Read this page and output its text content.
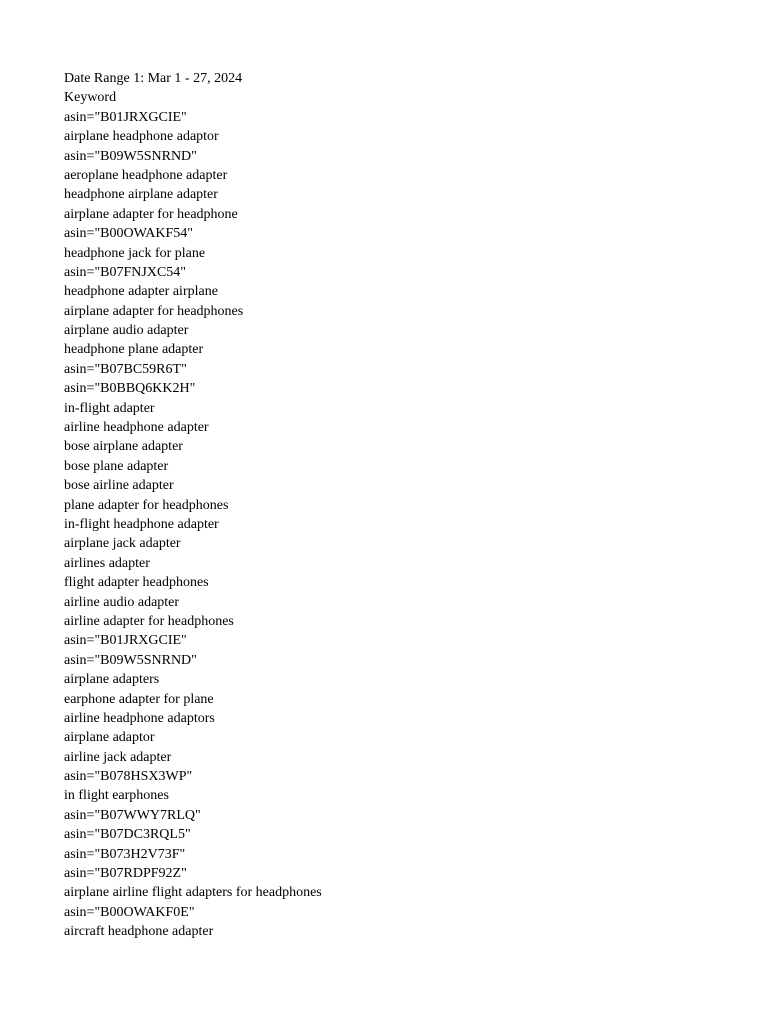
Date Range 1: Mar 1 - 27, 2024
Keyword
asin="B01JRXGCIE"
airplane headphone adaptor
asin="B09W5SNRND"
aeroplane headphone adapter
headphone airplane adapter
airplane adapter for headphone
asin="B00OWAKF54"
headphone jack for plane
asin="B07FNJXC54"
headphone adapter airplane
airplane adapter for headphones
airplane audio adapter
headphone plane adapter
asin="B07BC59R6T"
asin="B0BBQ6KK2H"
in-flight adapter
airline headphone adapter
bose airplane adapter
bose plane adapter
bose airline adapter
plane adapter for headphones
in-flight headphone adapter
airplane jack adapter
airlines adapter
flight adapter headphones
airline audio adapter
airline adapter for headphones
asin="B01JRXGCIE"
asin="B09W5SNRND"
airplane adapters
earphone adapter for plane
airline headphone adaptors
airplane adaptor
airline jack adapter
asin="B078HSX3WP"
in flight earphones
asin="B07WWY7RLQ"
asin="B07DC3RQL5"
asin="B073H2V73F"
asin="B07RDPF92Z"
airplane airline flight adapters for headphones
asin="B00OWAKF0E"
aircraft headphone adapter
